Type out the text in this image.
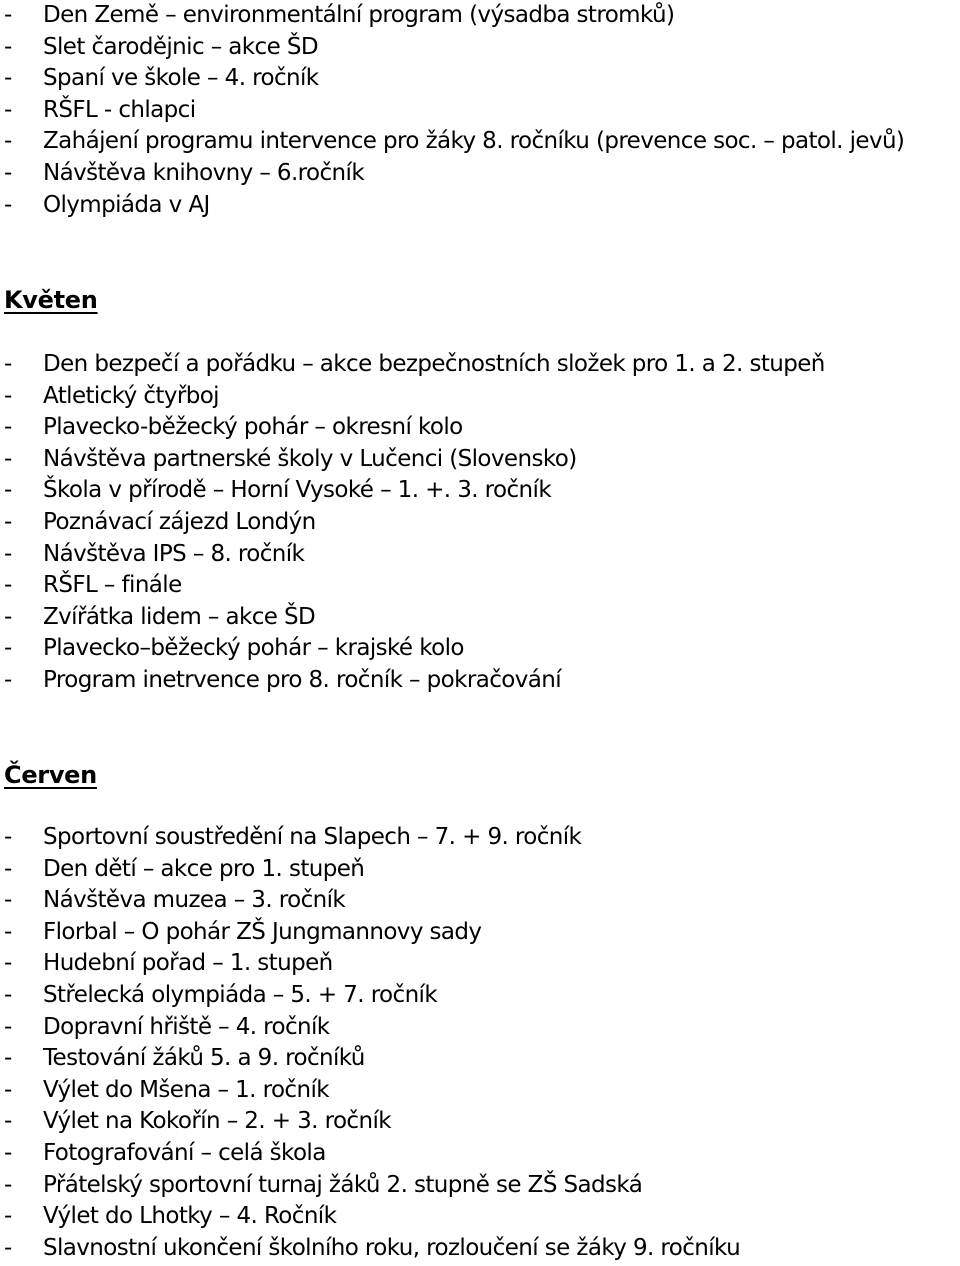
- Den Země – environmentální program (výsadba stromků)
- Slet čarodějnic – akce ŠD
- Spaní ve škole – 4. ročník
- RŠFL - chlapci
- Zahájení programu intervence pro žáky 8. ročníku (prevence soc. – patol. jevů)
- Návštěva knihovny – 6.ročník
- Olympiáda v AJ
Květen
- Den bezpečí a pořádku – akce bezpečnostních složek pro 1. a 2. stupeň
- Atletický čtyřboj
- Plavecko-běžecký pohár – okresní kolo
- Návštěva partnerské školy v Lučenci (Slovensko)
- Škola v přírodě – Horní Vysoké – 1. +. 3. ročník
- Poznávací zájezd Londýn
- Návštěva IPS – 8. ročník
- RŠFL – finále
- Zvířátka lidem – akce ŠD
- Plavecko–běžecký pohár – krajské kolo
- Program inetrvence pro 8. ročník – pokračování
Červen
- Sportovní soustředění na Slapech – 7. + 9. ročník
- Den dětí – akce pro 1. stupeň
- Návštěva muzea – 3. ročník
- Florbal – O pohár ZŠ Jungmannovy sady
- Hudební pořad – 1. stupeň
- Střelecká olympiáda – 5. + 7. ročník
- Dopravní hřiště – 4. ročník
- Testování žáků 5. a 9. ročníků
- Výlet do Mšena – 1. ročník
- Výlet na Kokořín – 2. + 3. ročník
- Fotografování – celá škola
- Přátelský sportovní turnaj žáků 2. stupně se ZŠ Sadská
- Výlet do Lhotky – 4. Ročník
- Slavnostní ukončení školního roku, rozloučení se žáky 9. ročníku
